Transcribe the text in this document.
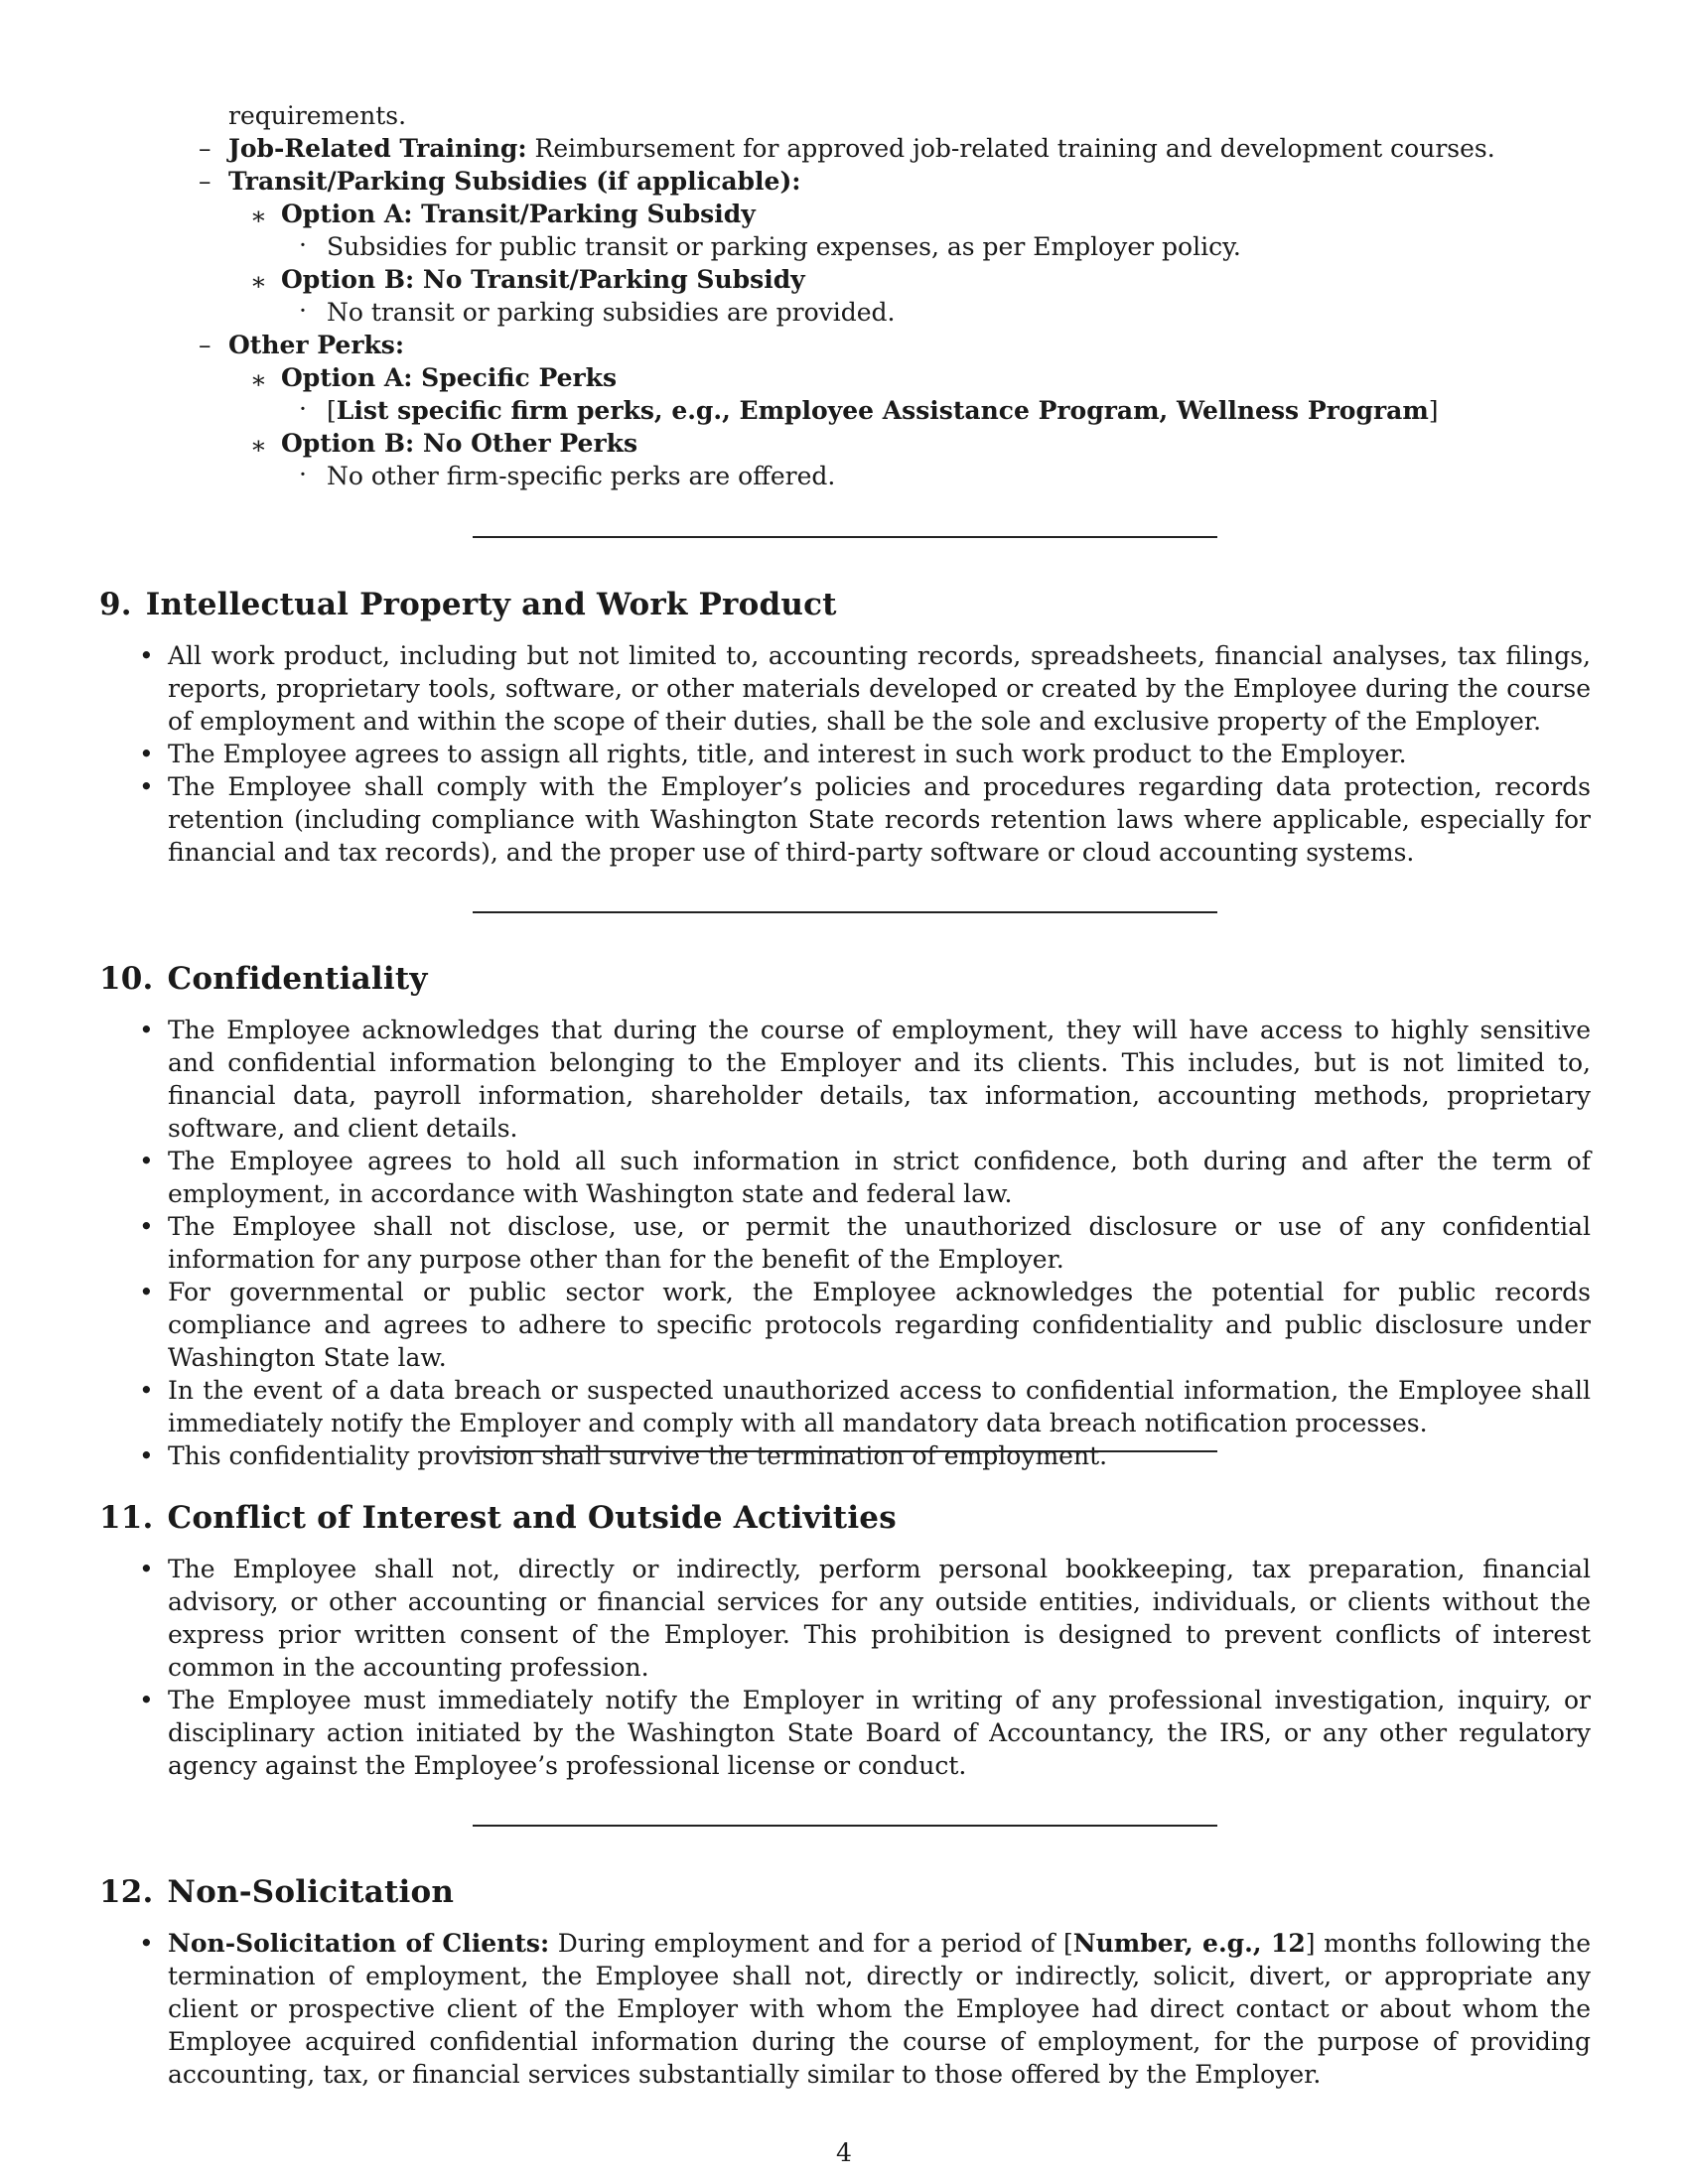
requirements.
– Job-Related Training: Reimbursement for approved job-related training and development courses.
– Transit/Parking Subsidies (if applicable):
∗ Option A: Transit/Parking Subsidy
· Subsidies for public transit or parking expenses, as per Employer policy.
∗ Option B: No Transit/Parking Subsidy
· No transit or parking subsidies are provided.
– Other Perks:
∗ Option A: Specific Perks
· [List specific firm perks, e.g., Employee Assistance Program, Wellness Program]
∗ Option B: No Other Perks
· No other firm-specific perks are offered.
9. Intellectual Property and Work Product
• All work product, including but not limited to, accounting records, spreadsheets, financial analyses, tax filings, reports, proprietary tools, software, or other materials developed or created by the Employee during the course of employment and within the scope of their duties, shall be the sole and exclusive property of the Employer.
• The Employee agrees to assign all rights, title, and interest in such work product to the Employer.
• The Employee shall comply with the Employer’s policies and procedures regarding data protection, records retention (including compliance with Washington State records retention laws where applicable, especially for financial and tax records), and the proper use of third-party software or cloud accounting systems.
10. Confidentiality
• The Employee acknowledges that during the course of employment, they will have access to highly sensitive and confidential information belonging to the Employer and its clients. This includes, but is not limited to, financial data, payroll information, shareholder details, tax information, accounting methods, proprietary software, and client details.
• The Employee agrees to hold all such information in strict confidence, both during and after the term of employment, in accordance with Washington state and federal law.
• The Employee shall not disclose, use, or permit the unauthorized disclosure or use of any confidential information for any purpose other than for the benefit of the Employer.
• For governmental or public sector work, the Employee acknowledges the potential for public records compliance and agrees to adhere to specific protocols regarding confidentiality and public disclosure under Washington State law.
• In the event of a data breach or suspected unauthorized access to confidential information, the Employee shall immediately notify the Employer and comply with all mandatory data breach notification processes.
• This confidentiality provision shall survive the termination of employment.
11. Conflict of Interest and Outside Activities
• The Employee shall not, directly or indirectly, perform personal bookkeeping, tax preparation, financial advisory, or other accounting or financial services for any outside entities, individuals, or clients without the express prior written consent of the Employer. This prohibition is designed to prevent conflicts of interest common in the accounting profession.
• The Employee must immediately notify the Employer in writing of any professional investigation, inquiry, or disciplinary action initiated by the Washington State Board of Accountancy, the IRS, or any other regulatory agency against the Employee’s professional license or conduct.
12. Non-Solicitation
• Non-Solicitation of Clients: During employment and for a period of [Number, e.g., 12] months following the termination of employment, the Employee shall not, directly or indirectly, solicit, divert, or appropriate any client or prospective client of the Employer with whom the Employee had direct contact or about whom the Employee acquired confidential information during the course of employment, for the purpose of providing accounting, tax, or financial services substantially similar to those offered by the Employer.
4
